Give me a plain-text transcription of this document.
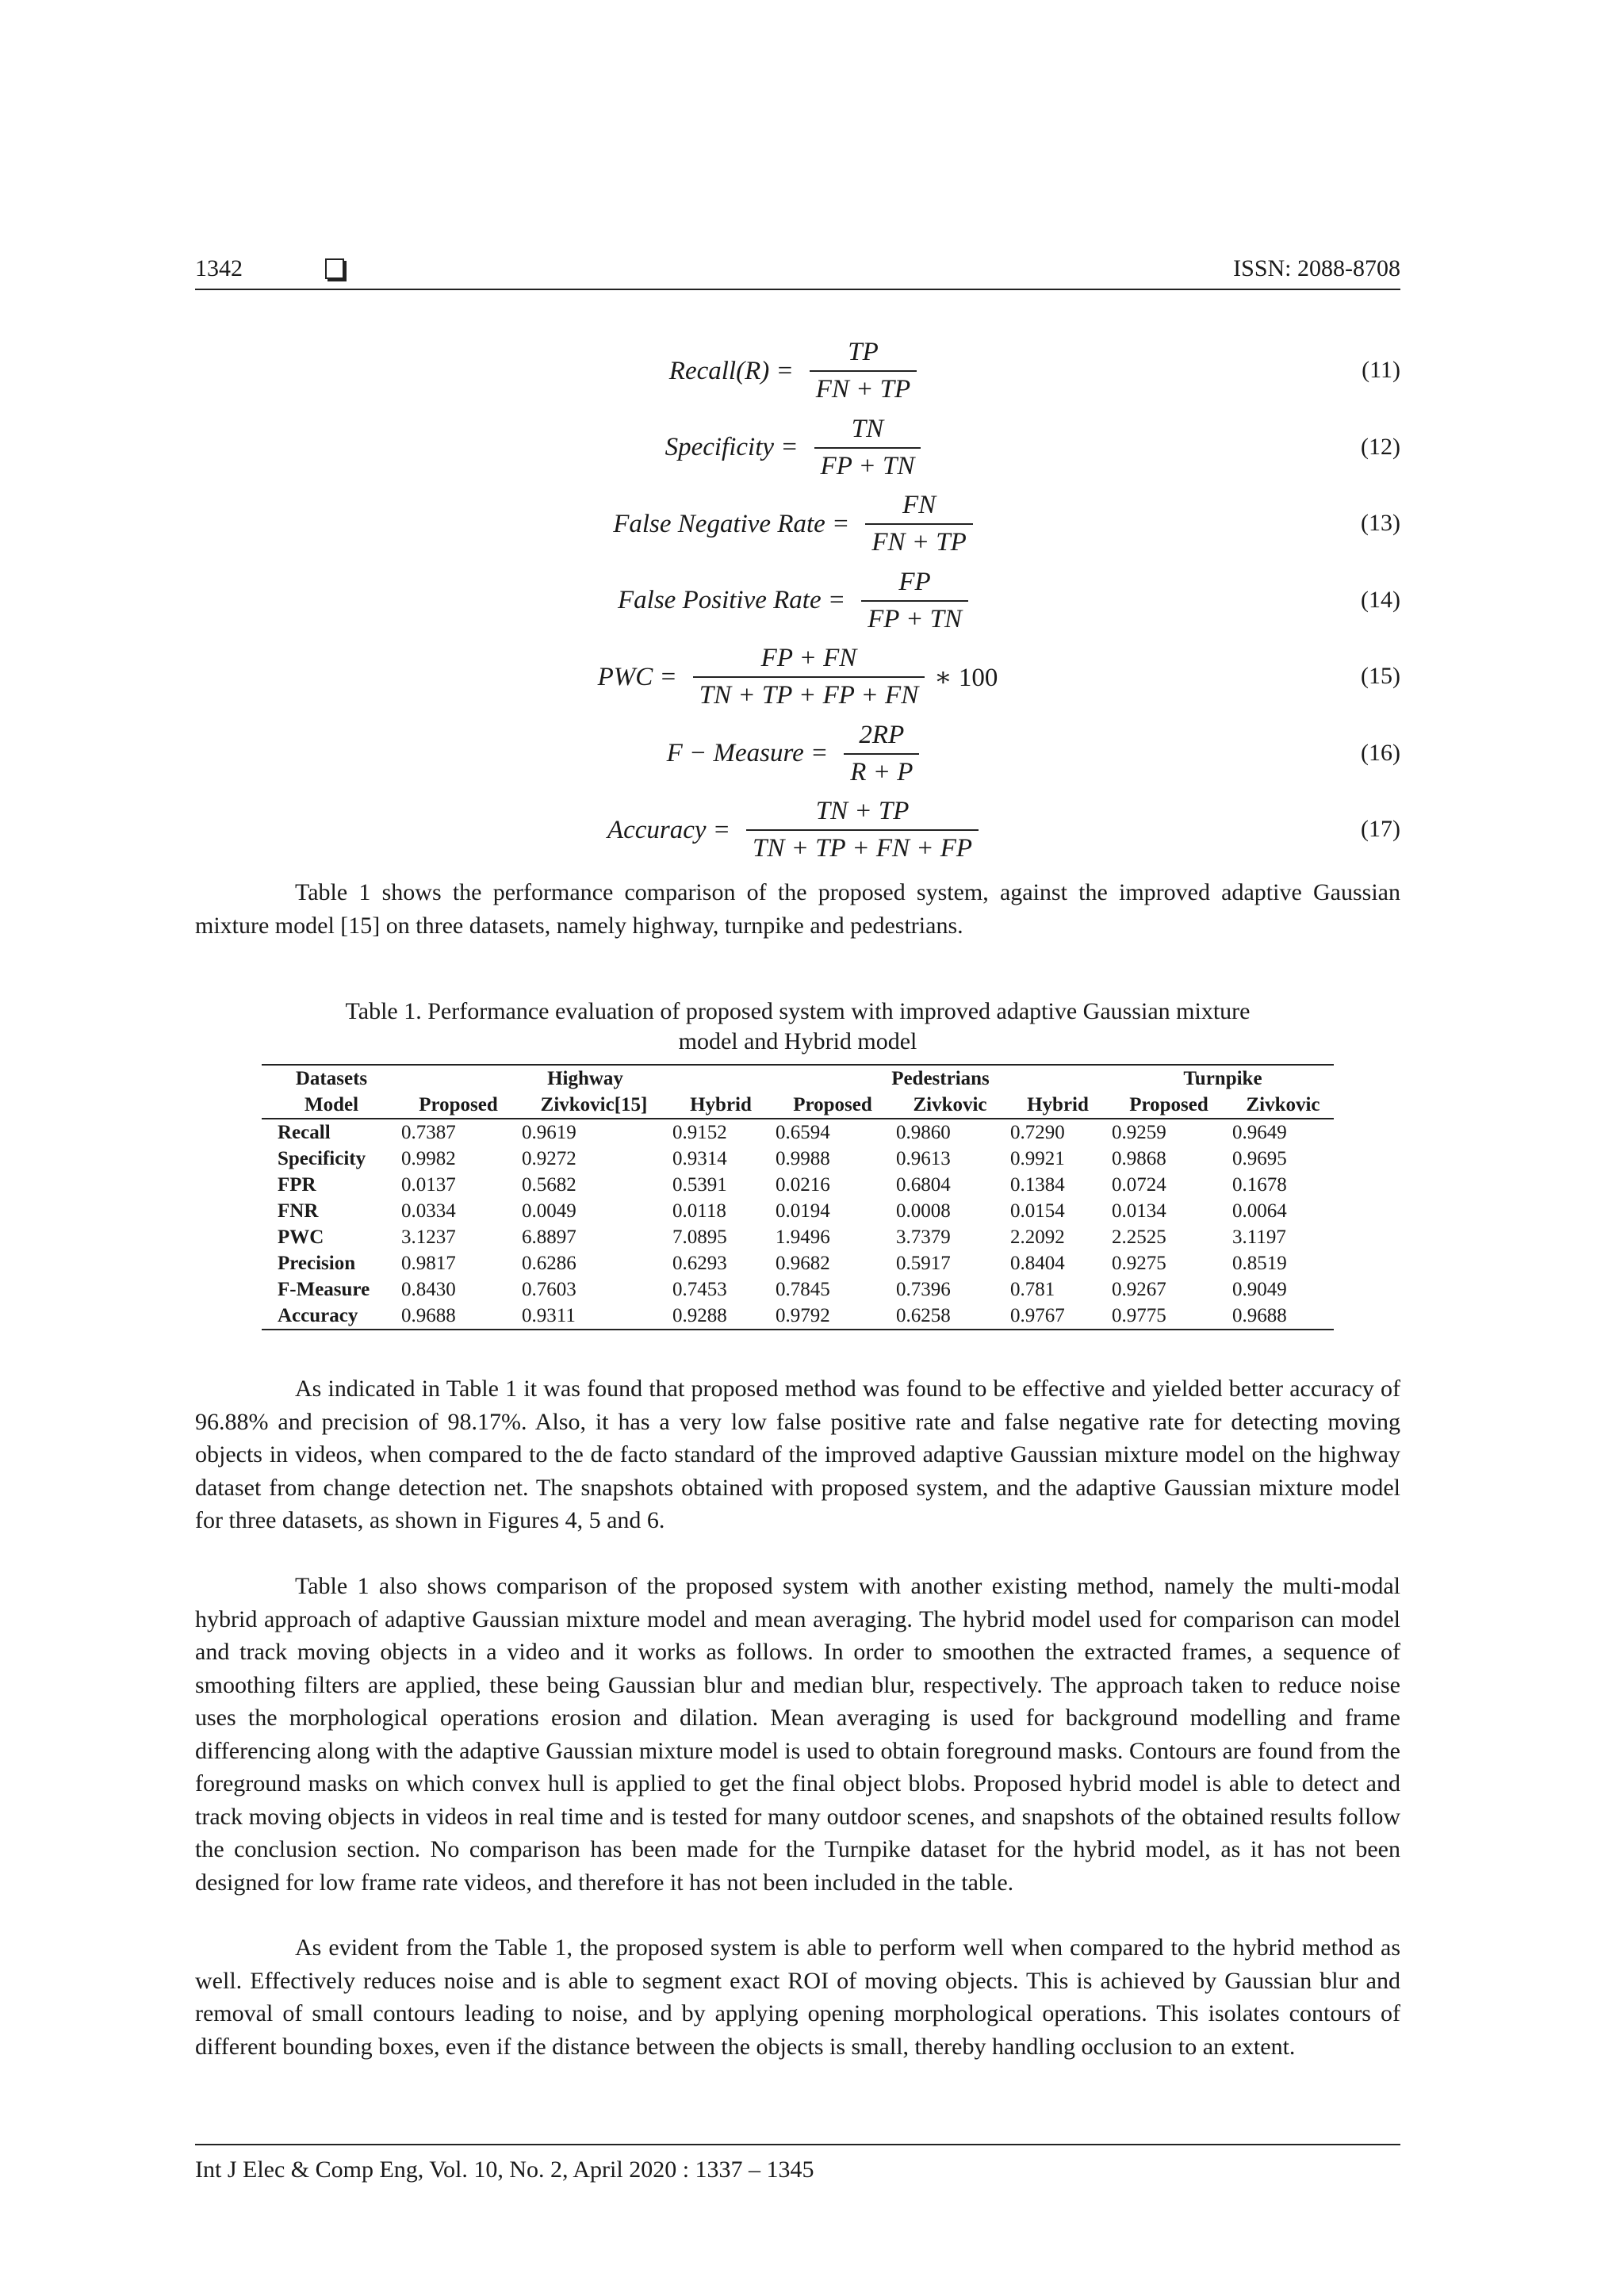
1342	ISSN: 2088-8708
Recall(R) = $\frac{TP}{FN + TP}$	(11)
Specificity = $\frac{TN}{FP + TN}$	(12)
False Negative Rate = $\frac{FN}{FN + TP}$	(13)
False Positive Rate = $\frac{FP}{FP + TN}$	(14)
PWC = $\frac{FP + FN}{TN + TP + FP + FN}$ ∗ 100	(15)
F − Measure = $\frac{2RP}{R + P}$	(16)
Accuracy = $\frac{TN + TP}{TN + TP + FN + FP}$	(17)

Table 1 shows the performance comparison of the proposed system, against the improved adaptive Gaussian mixture model [15] on three datasets, namely highway, turnpike and pedestrians.

Table 1. Performance evaluation of proposed system with improved adaptive Gaussian mixture
model and Hybrid model
Datasets	Highway			Pedestrians			Turnpike	
Model	Proposed	Zivkovic[15]	Hybrid	Proposed	Zivkovic	Hybrid	Proposed	Zivkovic
Recall	0.7387	0.9619	0.9152	0.6594	0.9860	0.7290	0.9259	0.9649
Specificity	0.9982	0.9272	0.9314	0.9988	0.9613	0.9921	0.9868	0.9695
FPR	0.0137	0.5682	0.5391	0.0216	0.6804	0.1384	0.0724	0.1678
FNR	0.0334	0.0049	0.0118	0.0194	0.0008	0.0154	0.0134	0.0064
PWC	3.1237	6.8897	7.0895	1.9496	3.7379	2.2092	2.2525	3.1197
Precision	0.9817	0.6286	0.6293	0.9682	0.5917	0.8404	0.9275	0.8519
F-Measure	0.8430	0.7603	0.7453	0.7845	0.7396	0.781	0.9267	0.9049
Accuracy	0.9688	0.9311	0.9288	0.9792	0.6258	0.9767	0.9775	0.9688

As indicated in Table 1 it was found that proposed method was found to be effective and yielded better accuracy of 96.88% and precision of 98.17%. Also, it has a very low false positive rate and false negative rate for detecting moving objects in videos, when compared to the de facto standard of the improved adaptive Gaussian mixture model on the highway dataset from change detection net. The snapshots obtained with proposed system, and the adaptive Gaussian mixture model for three datasets, as shown in Figures 4, 5 and 6.

Table 1 also shows comparison of the proposed system with another existing method, namely the multi-modal hybrid approach of adaptive Gaussian mixture model and mean averaging. The hybrid model used for comparison can model and track moving objects in a video and it works as follows. In order to smoothen the extracted frames, a sequence of smoothing filters are applied, these being Gaussian blur and median blur, respectively. The approach taken to reduce noise uses the morphological operations erosion and dilation. Mean averaging is used for background modelling and frame differencing along with the adaptive Gaussian mixture model is used to obtain foreground masks. Contours are found from the foreground masks on which convex hull is applied to get the final object blobs. Proposed hybrid model is able to detect and track moving objects in videos in real time and is tested for many outdoor scenes, and snapshots of the obtained results follow the conclusion section. No comparison has been made for the Turnpike dataset for the hybrid model, as it has not been designed for low frame rate videos, and therefore it has not been included in the table.

As evident from the Table 1, the proposed system is able to perform well when compared to the hybrid method as well. Effectively reduces noise and is able to segment exact ROI of moving objects. This is achieved by Gaussian blur and removal of small contours leading to noise, and by applying opening morphological operations. This isolates contours of different bounding boxes, even if the distance between the objects is small, thereby handling occlusion to an extent.

Int J Elec & Comp Eng, Vol. 10, No. 2, April 2020 : 1337 – 1345
